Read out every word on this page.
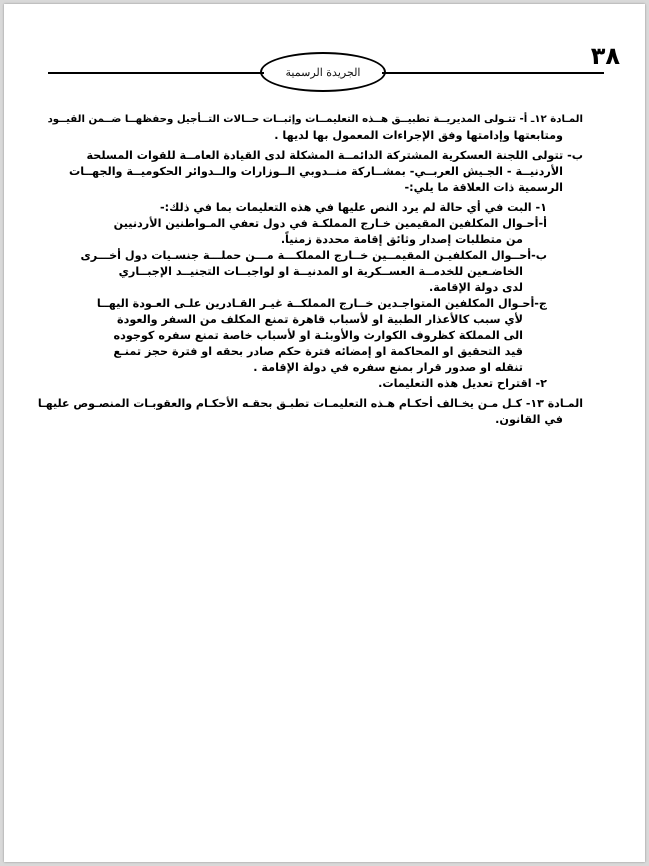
الجريدة الرسمية
٣٨
المـادة ١٢ـ أ- تتـولى المديريــة تطبيــق هــذه التعليمــات وإثبــات حــالات التــأجيل وحفظهــا ضــمن القيــود
ومتابعتها وإدامتها وفق الإجراءات المعمول بها لديها .
ب- تتولى اللجنة العسكرية المشتركة الدائمــة المشكلة لدى القيادة العامــة للقوات المسلحة
الأردنيــة - الجـيش العربــي- بمشــاركة منــدوبي الــوزارات والــدوائر الحكوميــة والجهــات
الرسمية ذات العلاقة ما يلي:-
١- البت في أي حالة لم يرد النص عليها في هذه التعليمات بما في ذلك:-
أ-أحـوال المكلفين المقيمين خـارج المملكـة في دول تعفي المـواطنين الأردنيين
من متطلبات إصدار وثائق إقامة محددة زمنياً.
ب-أحــوال المكلفيـن المقيمــين خــارج المملكـــة مـــن حملـــة جنسـيات دول أخـــرى
الخاضـعين للخدمــة العســكرية او المدنيــة او لواجبــات التجنيــد الإجبــاري
لدى دولة الإقامة.
ج-أحـوال المكلفين المتواجـدين خــارج المملكــة غيـر القـادرين علـى العـودة اليهــا
لأي سبب كالأعذار الطبية او لأسباب قاهرة تمنع المكلف من السفر والعودة
الى المملكة كظروف الكوارث والأوبئـة او لأسباب خاصة تمنع سفره كوجوده
قيد التحقيق او المحاكمة او إمضائه فترة حكم صادر بحقه او فترة حجز تمنـع
تنقله او صدور قرار بمنع سفره في دولة الإقامة .
٢- اقتراح تعديل هذه التعليمات.
المـادة ١٣- كـل مـن يخـالف أحكـام هـذه التعليمـات تطبـق بحقـه الأحكـام والعقوبـات المنصـوص عليهـا
في القانون.
